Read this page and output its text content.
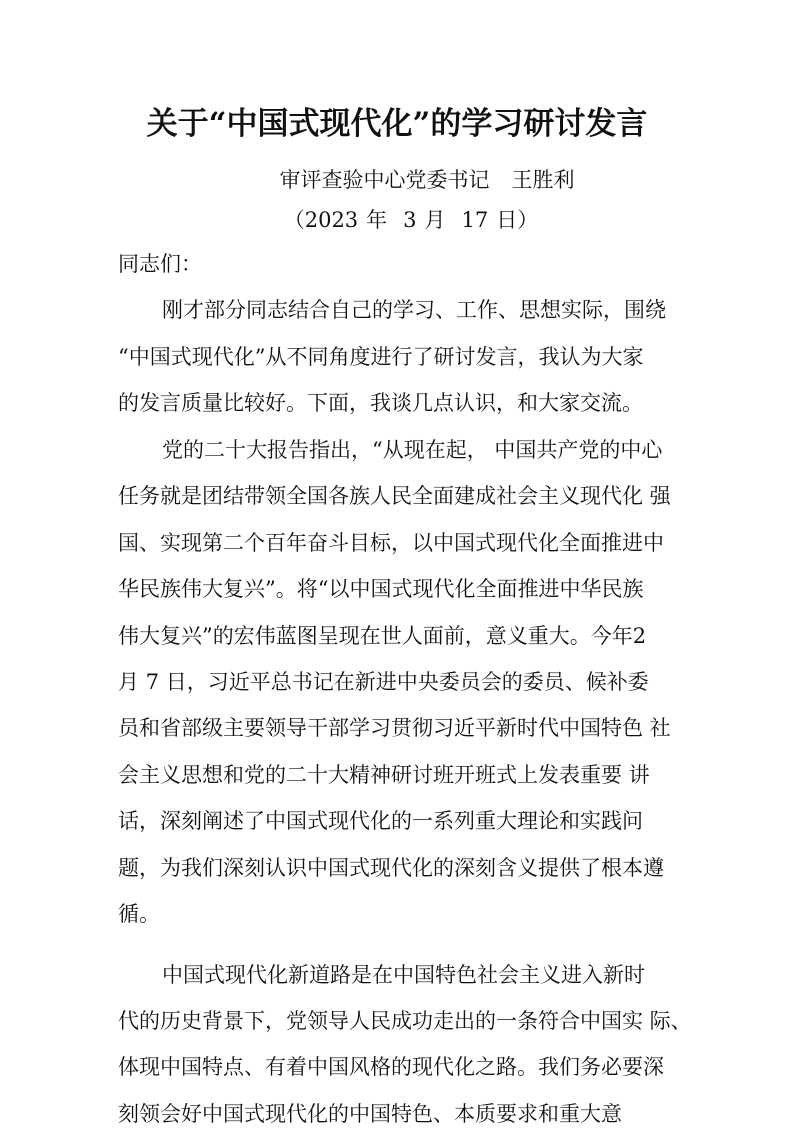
关于“中国式现代化”的学习研讨发言
审评查验中心党委书记 王胜利
（2023 年 3 月 17 日）
同志们：
刚才部分同志结合自己的学习、工作、思想实际，围绕
“中国式现代化”从不同角度进行了研讨发言，我认为大家
的发言质量比较好。下面，我谈几点认识，和大家交流。
党的二十大报告指出，“从现在起， 中国共产党的中心
任务就是团结带领全国各族人民全面建成社会主义现代化 强
国、实现第二个百年奋斗目标，以中国式现代化全面推进中
华民族伟大复兴”。将“以中国式现代化全面推进中华民族
伟大复兴”的宏伟蓝图呈现在世人面前，意义重大。今年2
月 7 日，习近平总书记在新进中央委员会的委员、候补委
员和省部级主要领导干部学习贯彻习近平新时代中国特色 社
会主义思想和党的二十大精神研讨班开班式上发表重要 讲
话，深刻阐述了中国式现代化的一系列重大理论和实践问
题，为我们深刻认识中国式现代化的深刻含义提供了根本遵
循。
中国式现代化新道路是在中国特色社会主义进入新时
代的历史背景下，党领导人民成功走出的一条符合中国实 际、
体现中国特点、有着中国风格的现代化之路。我们务必要深
刻领会好中国式现代化的中国特色、本质要求和重大意
